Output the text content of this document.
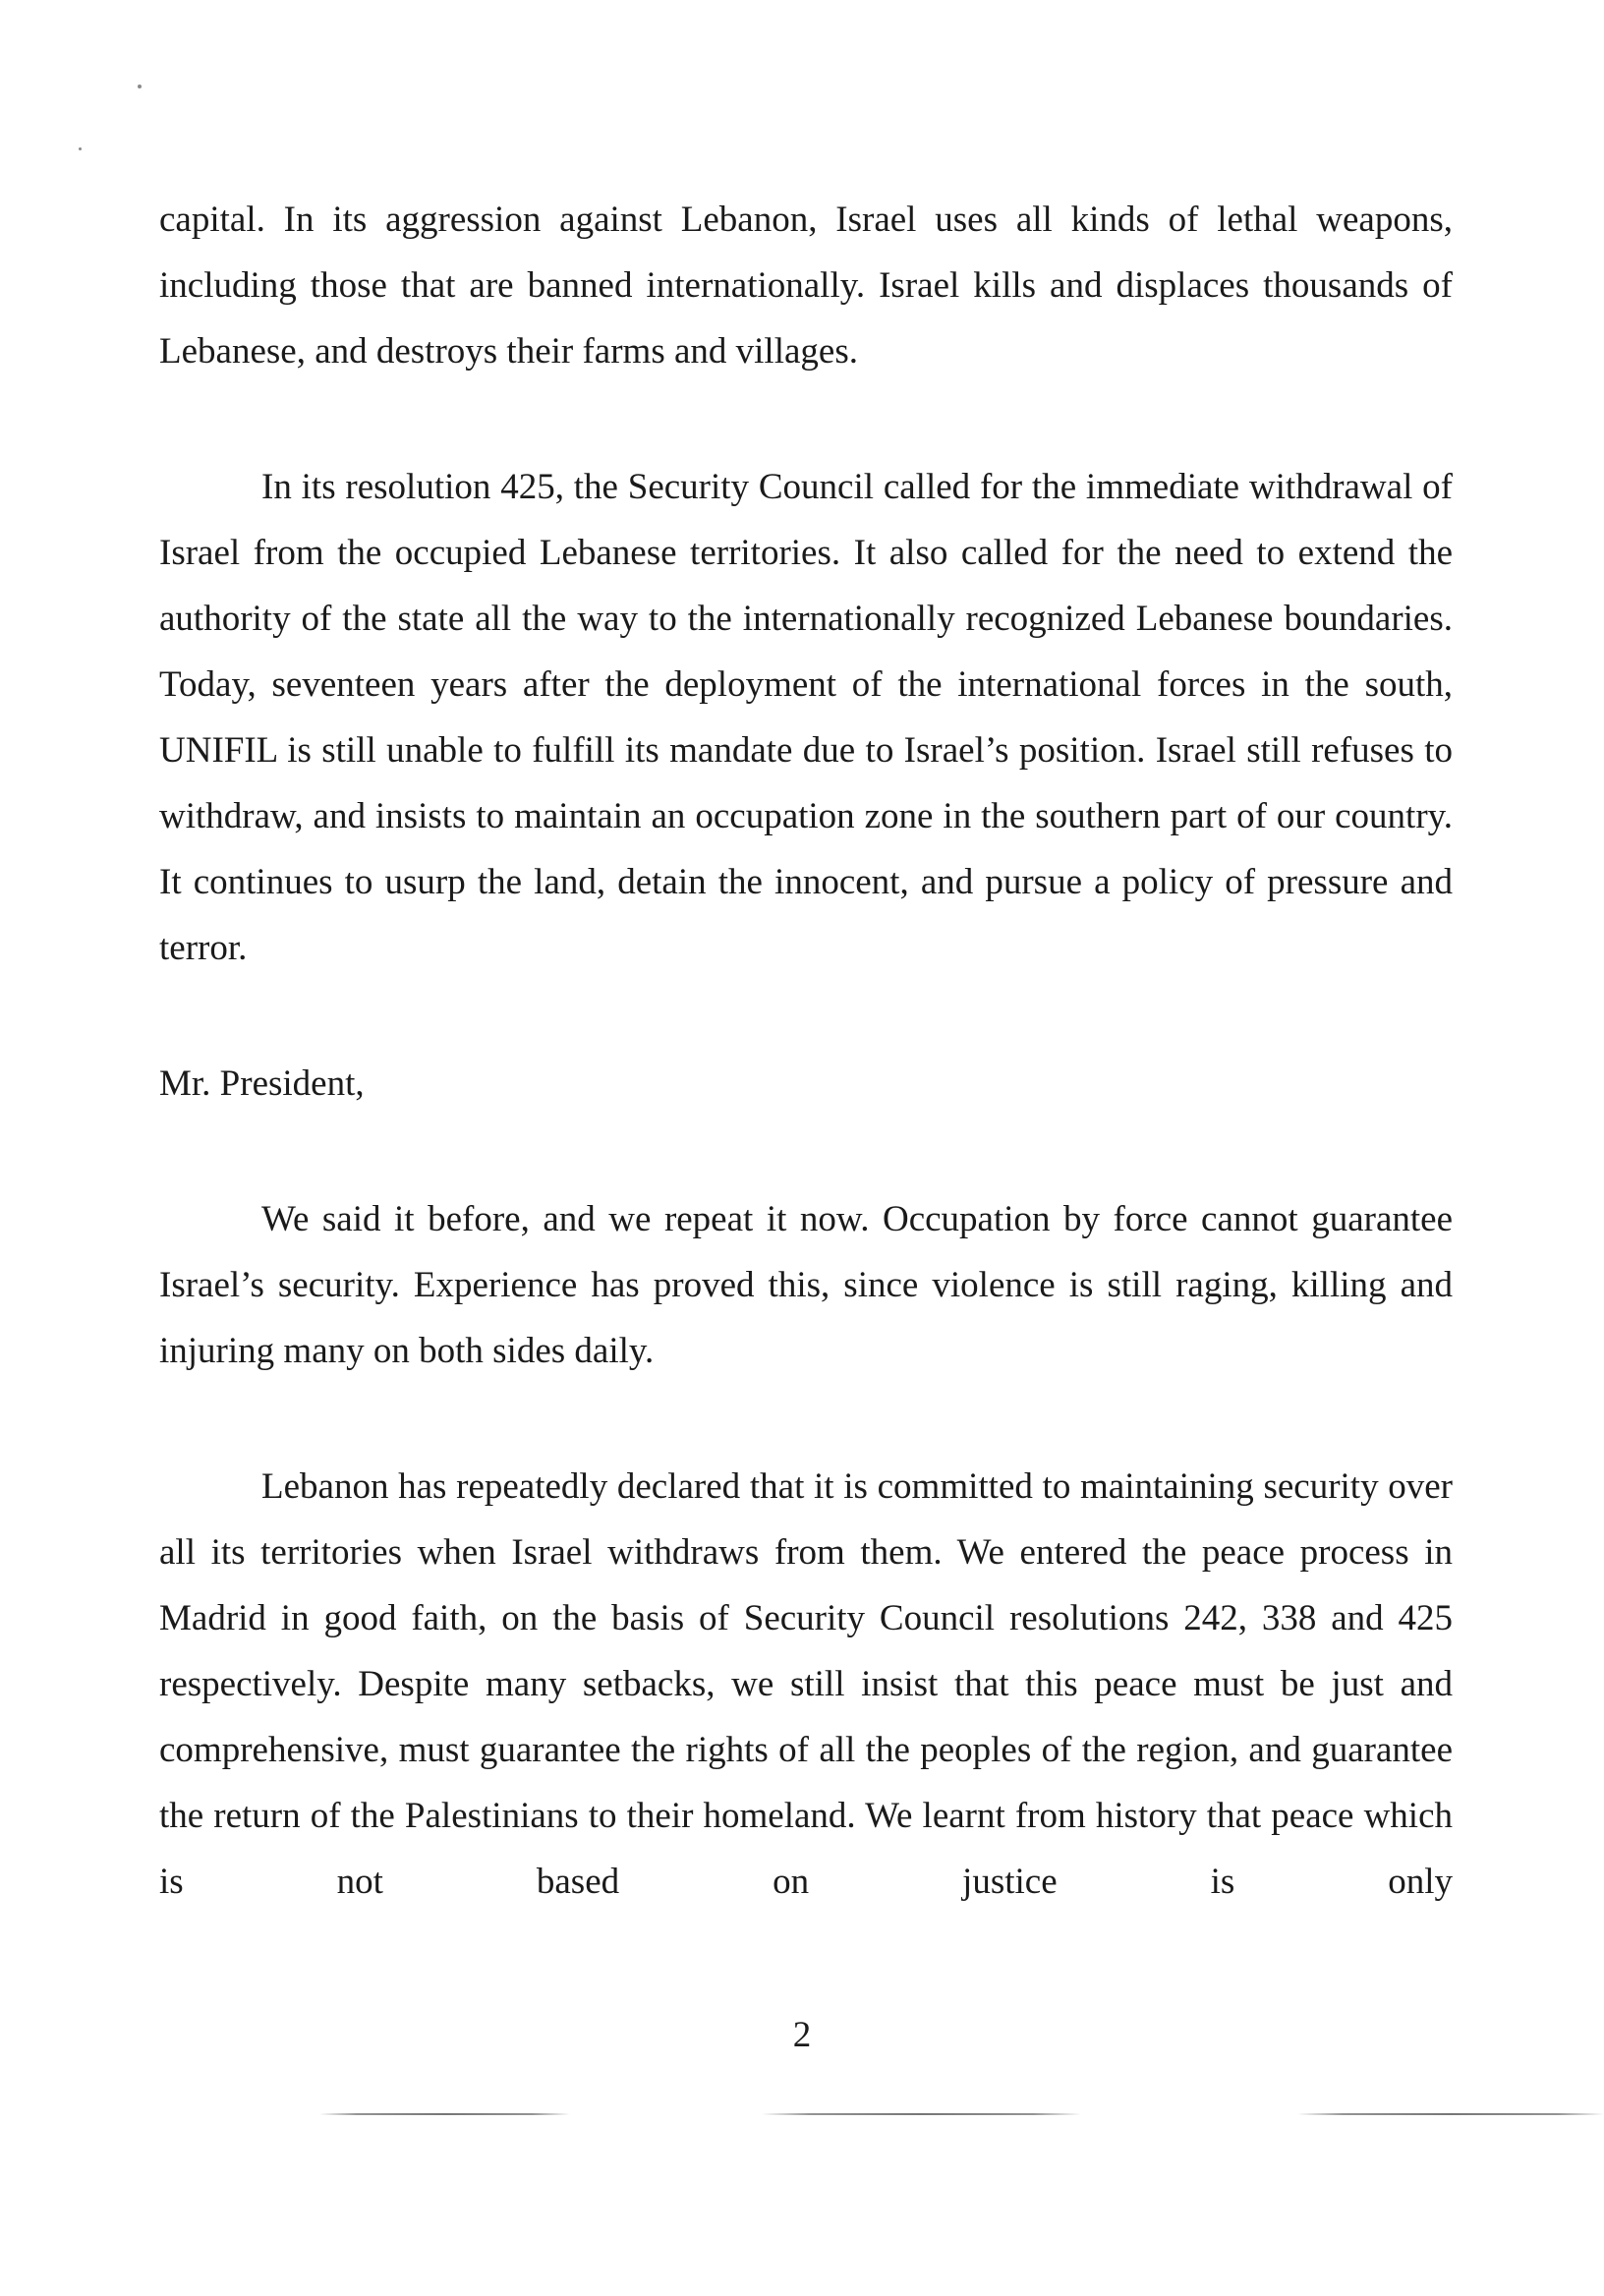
capital. In its aggression against Lebanon, Israel uses all kinds of lethal weapons, including those that are banned internationally. Israel kills and displaces thousands of Lebanese, and destroys their farms and villages.

In its resolution 425, the Security Council called for the immediate withdrawal of Israel from the occupied Lebanese territories. It also called for the need to extend the authority of the state all the way to the internationally recognized Lebanese boundaries. Today, seventeen years after the deployment of the international forces in the south, UNIFIL is still unable to fulfill its mandate due to Israel’s position. Israel still refuses to withdraw, and insists to maintain an occupation zone in the southern part of our country. It continues to usurp the land, detain the innocent, and pursue a policy of pressure and terror.

Mr. President,

We said it before, and we repeat it now. Occupation by force cannot guarantee Israel’s security. Experience has proved this, since violence is still raging, killing and injuring many on both sides daily.

Lebanon has repeatedly declared that it is committed to maintaining security over all its territories when Israel withdraws from them. We entered the peace process in Madrid in good faith, on the basis of Security Council resolutions 242, 338 and 425 respectively. Despite many setbacks, we still insist that this peace must be just and comprehensive, must guarantee the rights of all the peoples of the region, and guarantee the return of the Palestinians to their homeland. We learnt from history that peace which is not based on justice is only

2
